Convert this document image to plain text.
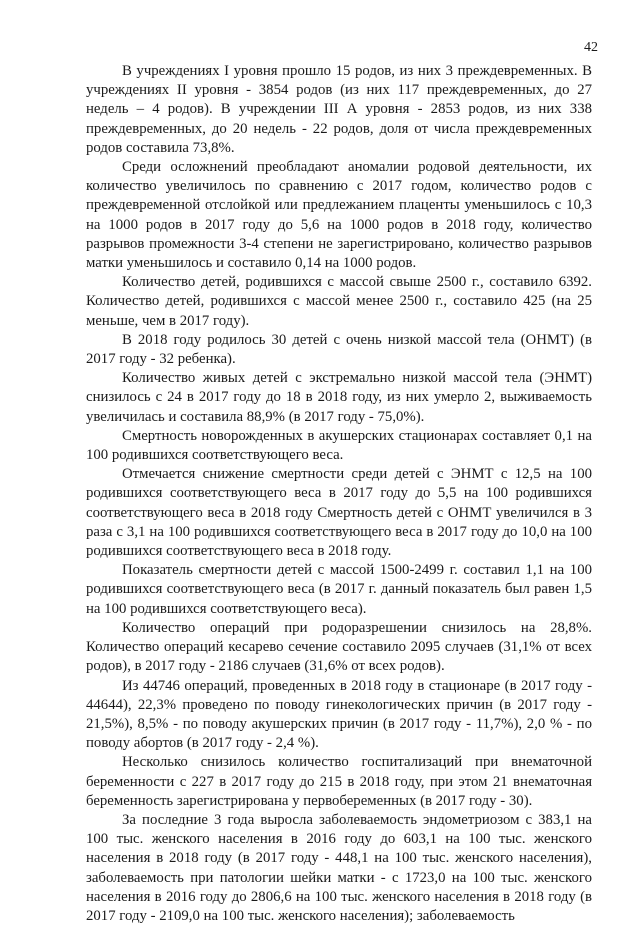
42

В учреждениях I уровня прошло 15 родов, из них 3 преждевременных. В учреждениях II уровня - 3854 родов (из них 117 преждевременных, до 27 недель – 4 родов). В учреждении III А уровня - 2853 родов, из них 338 преждевременных, до 20 недель - 22 родов, доля от числа преждевременных родов составила 73,8%.

Среди осложнений преобладают аномалии родовой деятельности, их количество увеличилось по сравнению с 2017 годом, количество родов с преждевременной отслойкой или предлежанием плаценты уменьшилось с 10,3 на 1000 родов в 2017 году до 5,6 на 1000 родов в 2018 году, количество разрывов промежности 3-4 степени не зарегистрировано, количество разрывов матки уменьшилось и составило 0,14 на 1000 родов.

Количество детей, родившихся с массой свыше 2500 г., составило 6392. Количество детей, родившихся с массой менее 2500 г., составило 425 (на 25 меньше, чем в 2017 году).

В 2018 году родилось 30 детей с очень низкой массой тела (ОНМТ) (в 2017 году - 32 ребенка).

Количество живых детей с экстремально низкой массой тела (ЭНМТ) снизилось с 24 в 2017 году до 18 в 2018 году, из них умерло 2, выживаемость увеличилась и составила 88,9% (в 2017 году - 75,0%).

Смертность новорожденных в акушерских стационарах составляет 0,1 на 100 родившихся соответствующего веса.

Отмечается снижение смертности среди детей с ЭНМТ с 12,5 на 100 родившихся соответствующего веса в 2017 году до 5,5 на 100 родившихся соответствующего веса в 2018 году Смертность детей с ОНМТ увеличился в 3 раза с 3,1 на 100 родившихся соответствующего веса в 2017 году до 10,0 на 100 родившихся соответствующего веса в 2018 году.

Показатель смертности детей с массой 1500-2499 г. составил 1,1 на 100 родившихся соответствующего веса (в 2017 г. данный показатель был равен 1,5 на 100 родившихся соответствующего веса).

Количество операций при родоразрешении снизилось на 28,8%. Количество операций кесарево сечение составило 2095 случаев (31,1% от всех родов), в 2017 году - 2186 случаев (31,6% от всех родов).

Из 44746 операций, проведенных в 2018 году в стационаре (в 2017 году - 44644), 22,3% проведено по поводу гинекологических причин (в 2017 году - 21,5%), 8,5% - по поводу акушерских причин (в 2017 году - 11,7%), 2,0 % - по поводу абортов (в 2017 году - 2,4 %).

Несколько снизилось количество госпитализаций при внематочной беременности с 227 в 2017 году до 215 в 2018 году, при этом 21 внематочная беременность зарегистрирована у первобеременных (в 2017 году - 30).

За последние 3 года выросла заболеваемость эндометриозом с 383,1 на 100 тыс. женского населения в 2016 году до 603,1 на 100 тыс. женского населения в 2018 году (в 2017 году - 448,1 на 100 тыс. женского населения), заболеваемость при патологии шейки матки - с 1723,0 на 100 тыс. женского населения в 2016 году до 2806,6 на 100 тыс. женского населения в 2018 году (в 2017 году - 2109,0 на 100 тыс. женского населения); заболеваемость
